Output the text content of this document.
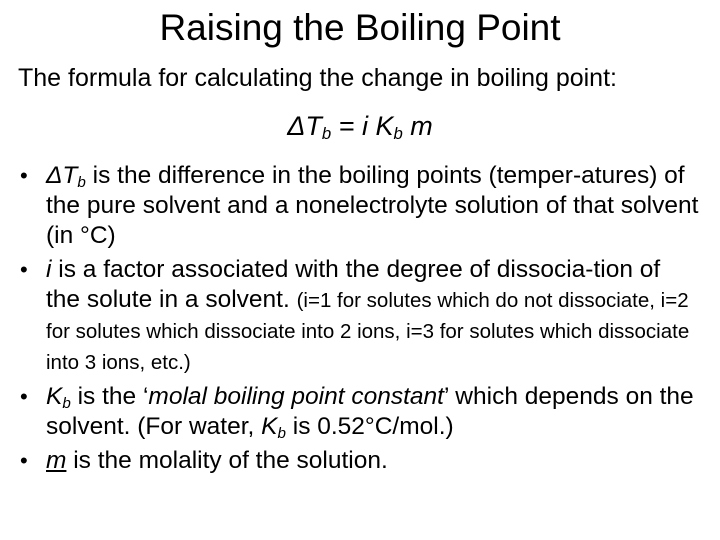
Raising the Boiling Point
The formula for calculating the change in boiling point:
$\Delta T_b = i$ $K_b$ m
• $\Delta T_b$ is the difference in the boiling points (temper-atures) of the pure solvent and a nonelectrolyte solution of that solvent (in °C)
• i is a factor associated with the degree of dissocia-tion of the solute in a solvent. (i=1 for solutes which do not dissociate, i=2 for solutes which dissociate into 2 ions, i=3 for solutes which dissociate into 3 ions, etc.)
• $K_b$ is the ‘molal boiling point constant’ which depends on the solvent. (For water, $K_b$ is 0.52°C/mol.)
• m is the molality of the solution.
